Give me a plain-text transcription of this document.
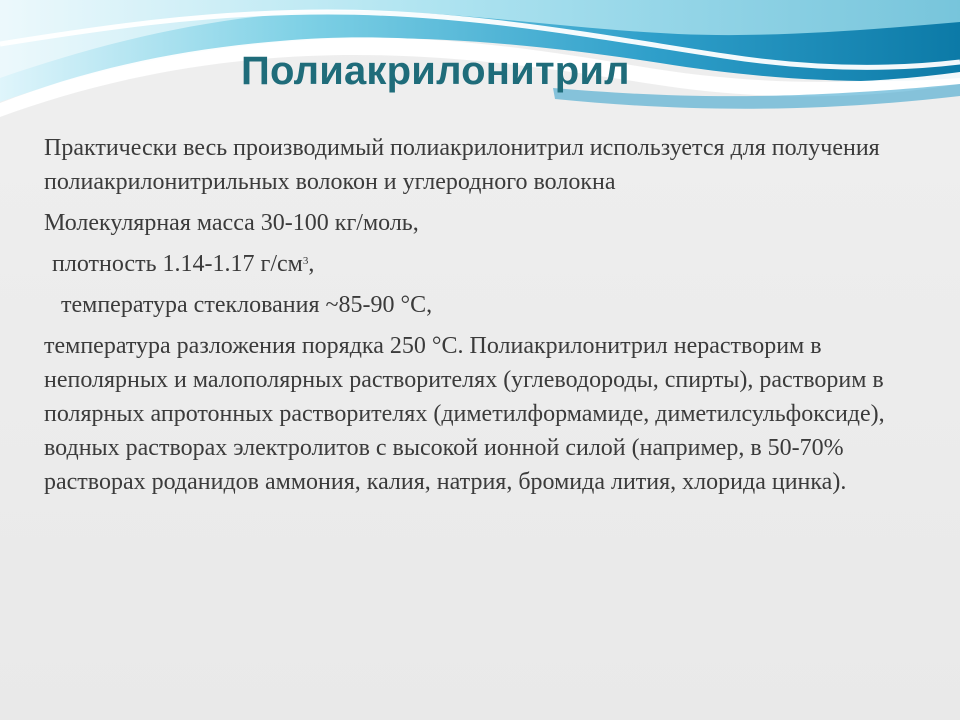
Полиакрилонитрил

Практически весь производимый полиакрилонитрил используется для получения полиакрилонитрильных волокон и углеродного волокна

Молекулярная масса 30-100 кг/моль,

плотность 1.14-1.17 $г/см^3$,

температура стеклования ~85-90 °С,

температура разложения порядка 250 °С. Полиакрилонитрил нерастворим в неполярных и малополярных растворителях (углеводороды, спирты), растворим в полярных апротонных растворителях (диметилформамиде, диметилсульфоксиде), водных растворах электролитов с высокой ионной силой (например, в 50-70% растворах роданидов аммония, калия, натрия, бромида лития, хлорида цинка).
